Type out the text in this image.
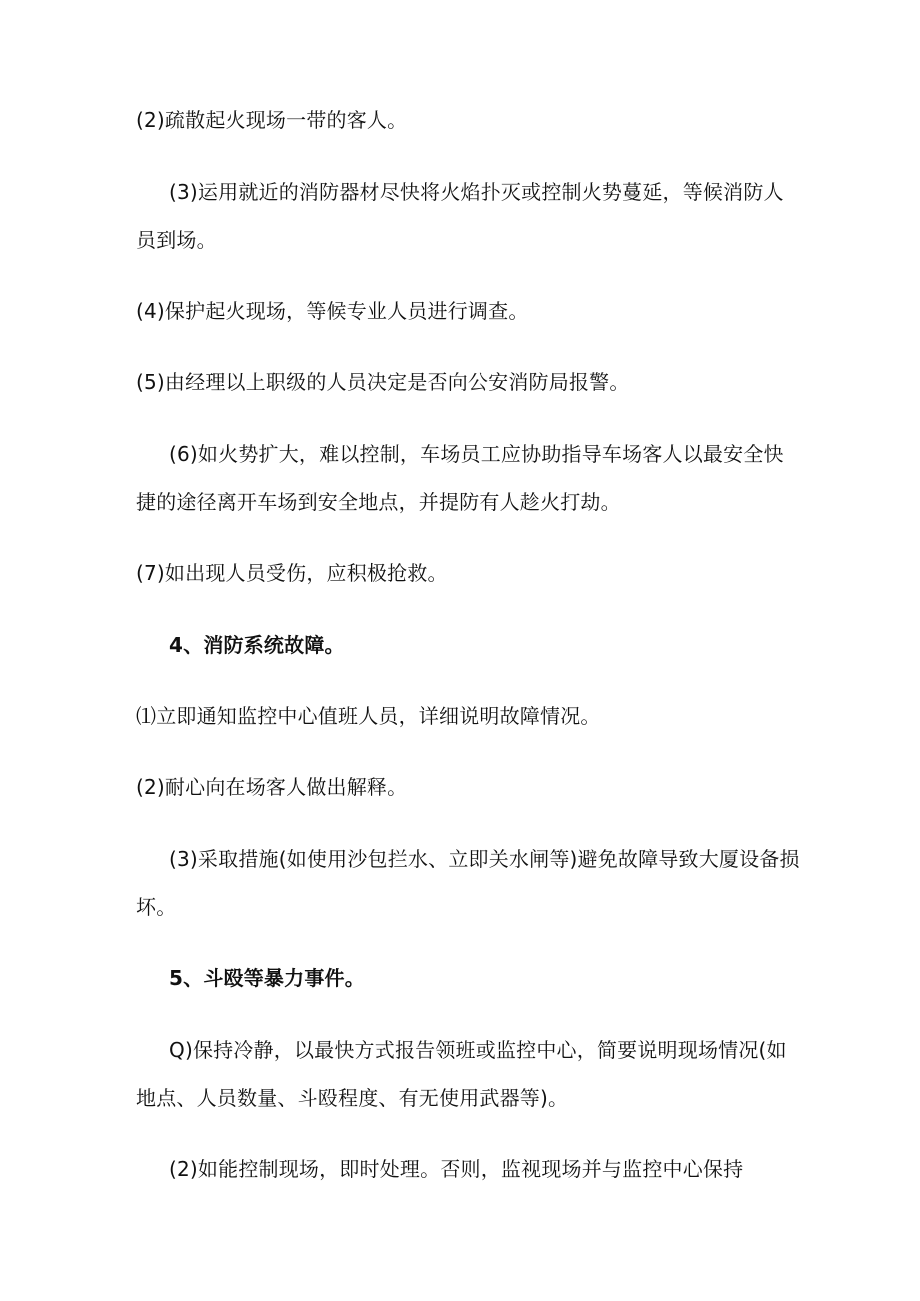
(2)疏散起火现场一带的客人。

(3)运用就近的消防器材尽快将火焰扑灭或控制火势蔓延，等候消防人

员到场。

(4)保护起火现场，等候专业人员进行调查。

(5)由经理以上职级的人员决定是否向公安消防局报警。

(6)如火势扩大，难以控制，车场员工应协助指导车场客人以最安全快

捷的途径离开车场到安全地点，并提防有人趁火打劫。

(7)如出现人员受伤，应积极抢救。

4、消防系统故障。

⑴立即通知监控中心值班人员，详细说明故障情况。

(2)耐心向在场客人做出解释。

(3)采取措施(如使用沙包拦水、立即关水闸等)避免故障导致大厦设备损

坏。

5、斗殴等暴力事件。

Q)保持冷静，以最快方式报告领班或监控中心，简要说明现场情况(如

地点、人员数量、斗殴程度、有无使用武器等)。

(2)如能控制现场，即时处理。否则，监视现场并与监控中心保持
